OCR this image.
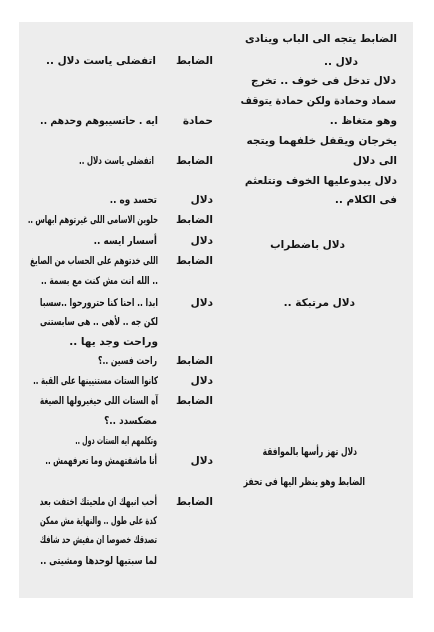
الضابط يتجه الى الباب وينادى
دلال ..
اتفضلى ياست دلال ..	الضابط
دلال تدخل فى خوف .. تخرج
سماد وحمادة ولكن حمادة يتوقف
ايه . حاتسيبوهم وحدهم ..	حمادة	وهو متغاظ ..
يخرجان ويقفل خلفهما ويتجه
اتفضلى ياست دلال ..	الضابط	الى دلال
دلال يبدوعليها الخوف وتتلعثم
تحسد وه ..	دلال	فى الكلام ..
حلوين الاسامى اللى غيرتوهم ابهاس ..	الضابط
أسسار ايسه ..	دلال	دلال باضطراب
اللى خدتوهم على الحساب من الصايغ	الضابط
.. الله انت مش كنت مع بسمة ..
ابدا .. احنا كنا حترورحوا ..سسبا	دلال	دلال مرتبكة ..
لكن جه .. لأهى .. هى سابستنى
وراحت وجد يها ..
راحت فسين ..؟	الضابط
كانوا الستات مستنيينها على القبة ..	دلال
آه الستات اللى حيغيرولها الصيغة	الضابط
مضكسدد ..؟
وتكلمهم ايه الستات دول ..
دلال تهز رأسها بالموافقة
أنا ماشفتهمش وما تعرفهمش ..	دلال
الضابط وهو ينظر اليها فى تحفز
أحب انبهك ان ملحيتك اختفت بعد	الضابط
كدة على طول .. والنهاية مش ممكن
تصدقك خصوصا ان مفيش حد شافك
لما سبتيها لوحدها ومشيتى ..
